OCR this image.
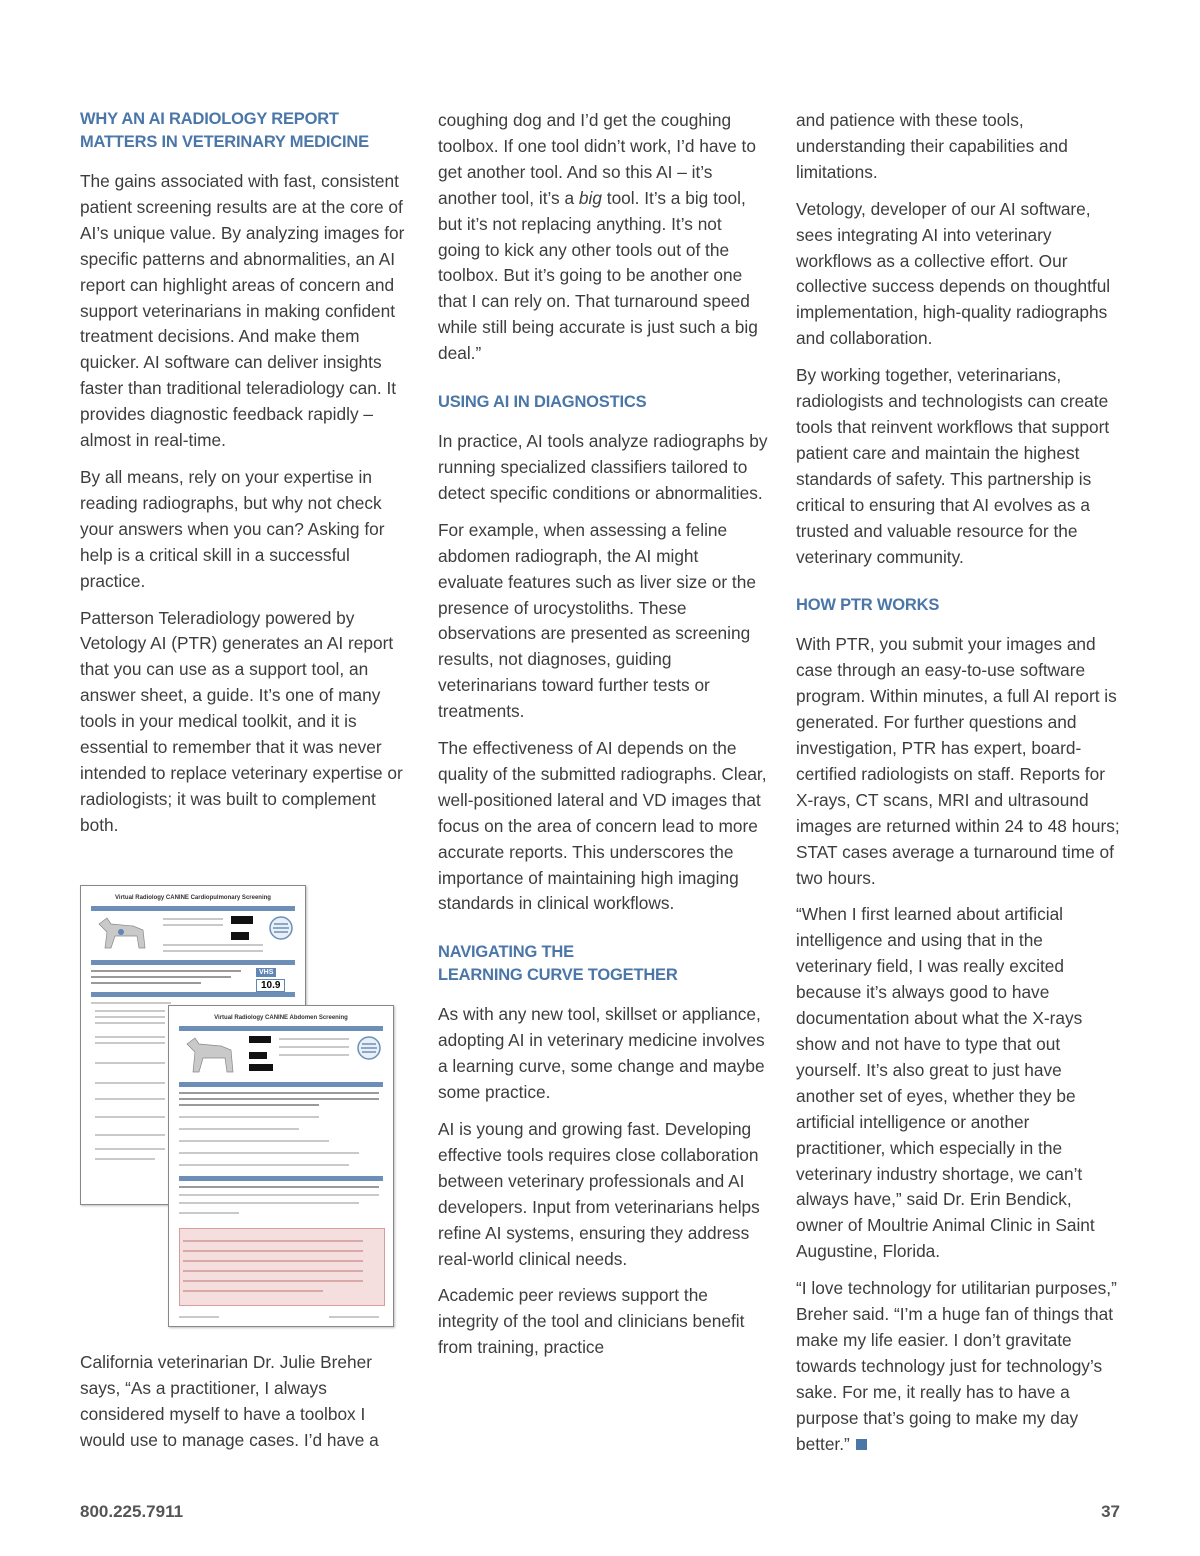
WHY AN AI RADIOLOGY REPORT
MATTERS IN VETERINARY MEDICINE

The gains associated with fast, consistent patient screening results are at the core of AI’s unique value. By analyzing images for specific patterns and abnormalities, an AI report can highlight areas of concern and support veterinarians in making confident treatment decisions. And make them quicker. AI software can deliver insights faster than traditional teleradiology can. It provides diagnostic feedback rapidly – almost in real-time.

By all means, rely on your expertise in reading radiographs, but why not check your answers when you can? Asking for help is a critical skill in a successful practice.

Patterson Teleradiology powered by Vetology AI (PTR) generates an AI report that you can use as a support tool, an answer sheet, a guide. It’s one of many tools in your medical toolkit, and it is essential to remember that it was never intended to replace veterinary expertise or radiologists; it was built to complement both.

Virtual Radiology CANINE Cardiopulmonary Screening
VHS
10.9
Virtual Radiology CANINE Abdomen Screening

California veterinarian Dr. Julie Breher says, “As a practitioner, I always considered myself to have a toolbox I would use to manage cases. I’d have a

coughing dog and I’d get the coughing toolbox. If one tool didn’t work, I’d have to get another tool. And so this AI – it’s another tool, it’s a big tool. It’s a big tool, but it’s not replacing anything. It’s not going to kick any other tools out of the toolbox. But it’s going to be another one that I can rely on. That turnaround speed while still being accurate is just such a big deal.”

USING AI IN DIAGNOSTICS

In practice, AI tools analyze radiographs by running specialized classifiers tailored to detect specific conditions or abnormalities.

For example, when assessing a feline abdomen radiograph, the AI might evaluate features such as liver size or the presence of urocystoliths. These observations are presented as screening results, not diagnoses, guiding veterinarians toward further tests or treatments.

The effectiveness of AI depends on the quality of the submitted radiographs. Clear, well-positioned lateral and VD images that focus on the area of concern lead to more accurate reports. This underscores the importance of maintaining high imaging standards in clinical workflows.

NAVIGATING THE
LEARNING CURVE TOGETHER

As with any new tool, skillset or appliance, adopting AI in veterinary medicine involves a learning curve, some change and maybe some practice.

AI is young and growing fast. Developing effective tools requires close collaboration between veterinary professionals and AI developers. Input from veterinarians helps refine AI systems, ensuring they address real-world clinical needs.

Academic peer reviews support the integrity of the tool and clinicians benefit from training, practice

and patience with these tools, understanding their capabilities and limitations.

Vetology, developer of our AI software, sees integrating AI into veterinary workflows as a collective effort. Our collective success depends on thoughtful implementation, high-quality radiographs and collaboration.

By working together, veterinarians, radiologists and technologists can create tools that reinvent workflows that support patient care and maintain the highest standards of safety. This partnership is critical to ensuring that AI evolves as a trusted and valuable resource for the veterinary community.

HOW PTR WORKS

With PTR, you submit your images and case through an easy-to-use software program. Within minutes, a full AI report is generated. For further questions and investigation, PTR has expert, board-certified radiologists on staff. Reports for X-rays, CT scans, MRI and ultrasound images are returned within 24 to 48 hours; STAT cases average a turnaround time of two hours.

“When I first learned about artificial intelligence and using that in the veterinary field, I was really excited because it’s always good to have documentation about what the X-rays show and not have to type that out yourself. It’s also great to just have another set of eyes, whether they be artificial intelligence or another practitioner, which especially in the veterinary industry shortage, we can’t always have,” said Dr. Erin Bendick, owner of Moultrie Animal Clinic in Saint Augustine, Florida.

“I love technology for utilitarian purposes,” Breher said. “I’m a huge fan of things that make my life easier. I don’t gravitate towards technology just for technology’s sake. For me, it really has to have a purpose that’s going to make my day better.”

800.225.7911	37
